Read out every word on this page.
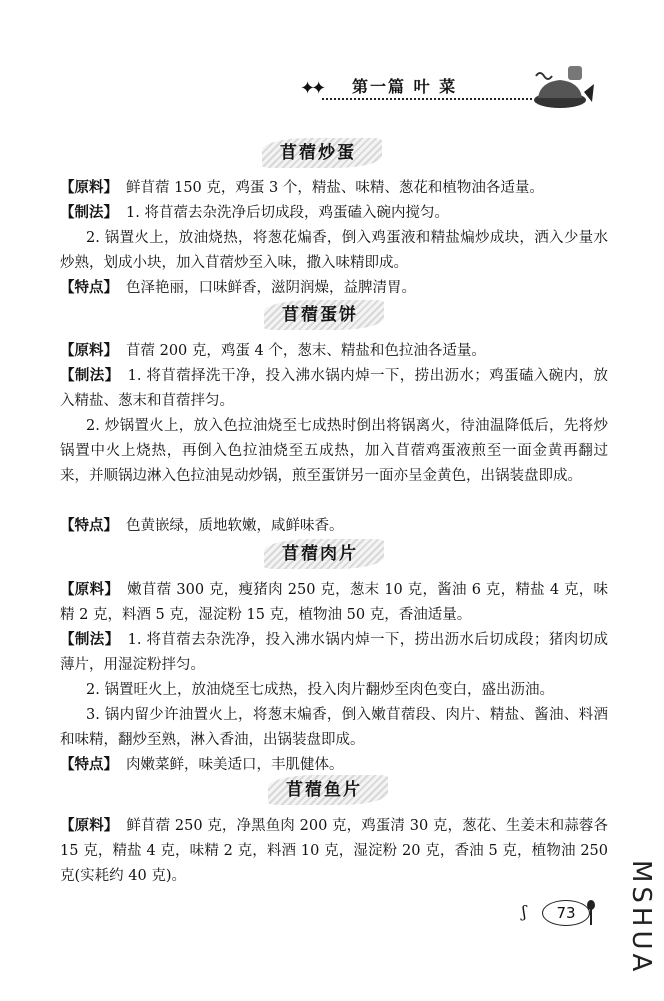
✦✦ 第一篇 叶 菜
苜蓿炒蛋
【原料】 鲜苜蓿 150 克，鸡蛋 3 个，精盐、味精、葱花和植物油各适量。
【制法】 1. 将苜蓿去杂洗净后切成段，鸡蛋磕入碗内搅匀。
2. 锅置火上，放油烧热，将葱花煸香，倒入鸡蛋液和精盐煸炒成块，洒入少量水炒熟，划成小块，加入苜蓿炒至入味，撒入味精即成。
【特点】 色泽艳丽，口味鲜香，滋阴润燥，益脾清胃。
苜蓿蛋饼
【原料】 苜蓿 200 克，鸡蛋 4 个，葱末、精盐和色拉油各适量。
【制法】 1. 将苜蓿择洗干净，投入沸水锅内焯一下，捞出沥水；鸡蛋磕入碗内，放入精盐、葱末和苜蓿拌匀。
2. 炒锅置火上，放入色拉油烧至七成热时倒出将锅离火，待油温降低后，先将炒锅置中火上烧热，再倒入色拉油烧至五成热，加入苜蓿鸡蛋液煎至一面金黄再翻过来，并顺锅边淋入色拉油晃动炒锅，煎至蛋饼另一面亦呈金黄色，出锅装盘即成。
【特点】 色黄嵌绿，质地软嫩，咸鲜味香。
苜蓿肉片
【原料】 嫩苜蓿 300 克，瘦猪肉 250 克，葱末 10 克，酱油 6 克，精盐 4 克，味精 2 克，料酒 5 克，湿淀粉 15 克，植物油 50 克，香油适量。
【制法】 1. 将苜蓿去杂洗净，投入沸水锅内焯一下，捞出沥水后切成段；猪肉切成薄片，用湿淀粉拌匀。
2. 锅置旺火上，放油烧至七成热，投入肉片翻炒至肉色变白，盛出沥油。
3. 锅内留少许油置火上，将葱末煸香，倒入嫩苜蓿段、肉片、精盐、酱油、料酒和味精，翻炒至熟，淋入香油，出锅装盘即成。
【特点】 肉嫩菜鲜，味美适口，丰肌健体。
苜蓿鱼片
【原料】 鲜苜蓿 250 克，净黑鱼肉 200 克，鸡蛋清 30 克，葱花、生姜末和蒜蓉各 15 克，精盐 4 克，味精 2 克，料酒 10 克，湿淀粉 20 克，香油 5 克，植物油 250 克(实耗约 40 克)。
ʃ	73	MSHUA
